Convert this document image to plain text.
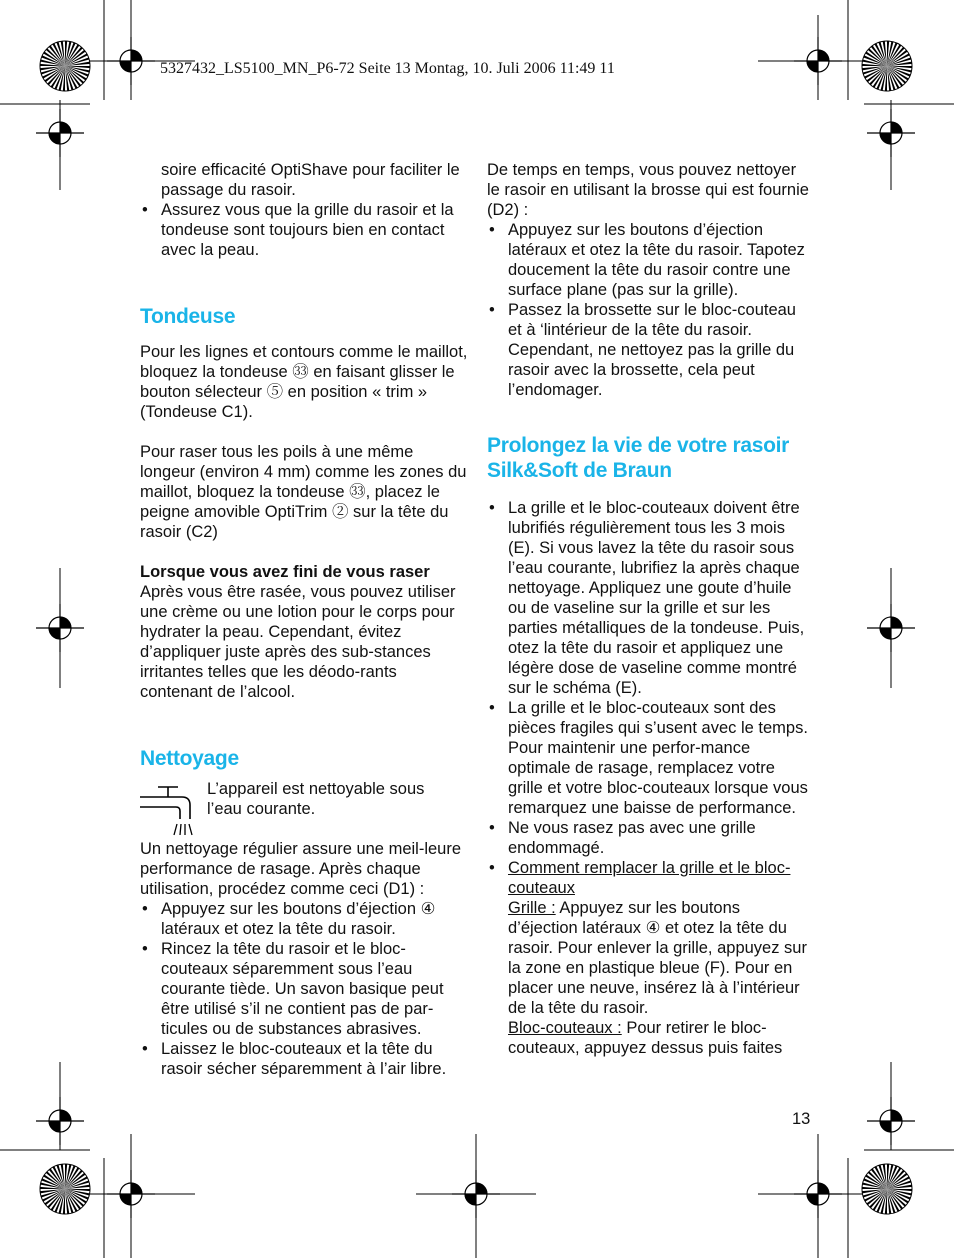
5327432_LS5100_MN_P6-72 Seite 13 Montag, 10. Juli 2006 11:49 11

soire efficacité OptiShave pour faciliter le passage du rasoir.

• Assurez vous que la grille du rasoir et la tondeuse sont toujours bien en contact avec la peau.
Tondeuse

Pour les lignes et contours comme le maillot, bloquez la tondeuse ㉝ en faisant glisser le bouton sélecteur ⑤ en position « trim » (Tondeuse C1).

Pour raser tous les poils à une même longeur (environ 4 mm) comme les zones du maillot, bloquez la tondeuse ㉝, placez le peigne amovible OptiTrim ② sur la tête du rasoir (C2)

Lorsque vous avez fini de vous raser

Après vous être rasée, vous pouvez utiliser une crème ou une lotion pour le corps pour hydrater la peau. Cependant, évitez d’appliquer juste après des sub-stances irritantes telles que les déodo-rants contenant de l’alcool.

Nettoyage

L’appareil est nettoyable sous l’eau courante.

Un nettoyage régulier assure une meil-leure performance de rasage. Après chaque utilisation, procédez comme ceci (D1) :

• Appuyez sur les boutons d’éjection ④ latéraux et otez la tête du rasoir.
• Rincez la tête du rasoir et le bloc-couteaux séparemment sous l’eau courante tiède. Un savon basique peut être utilisé s’il ne contient pas de par-ticules ou de substances abrasives.
• Laissez le bloc-couteaux et la tête du rasoir sécher séparemment à l’air libre.

De temps en temps, vous pouvez nettoyer le rasoir en utilisant la brosse qui est fournie (D2) :

• Appuyez sur les boutons d’éjection latéraux et otez la tête du rasoir. Tapotez doucement la tête du rasoir contre une surface plane (pas sur la grille).
• Passez la brossette sur le bloc-couteau et à ‘lintérieur de la tête du rasoir. Cependant, ne nettoyez pas la grille du rasoir avec la brossette, cela peut l’endomager.
Prolongez la vie de votre rasoir Silk&Soft de Braun
• La grille et le bloc-couteaux doivent être lubrifiés régulièrement tous les 3 mois (E). Si vous lavez la tête du rasoir sous l’eau courante, lubrifiez la après chaque nettoyage. Appliquez une goute d’huile ou de vaseline sur la grille et sur les parties métalliques de la tondeuse. Puis, otez la tête du rasoir et appliquez une légère dose de vaseline comme montré sur le schéma (E).
• La grille et le bloc-couteaux sont des pièces fragiles qui s’usent avec le temps. Pour maintenir une perfor-mance optimale de rasage, remplacez votre grille et votre bloc-couteaux lorsque vous remarquez une baisse de performance.
• Ne vous rasez pas avec une grille endommagé.
• Comment remplacer la grille et le bloc-couteaux
Grille : Appuyez sur les boutons d’éjection latéraux ④ et otez la tête du rasoir. Pour enlever la grille, appuyez sur la zone en plastique bleue (F). Pour en placer une neuve, insérez là à l’intérieur de la tête du rasoir.
Bloc-couteaux : Pour retirer le bloc-couteaux, appuyez dessus puis faites
13
